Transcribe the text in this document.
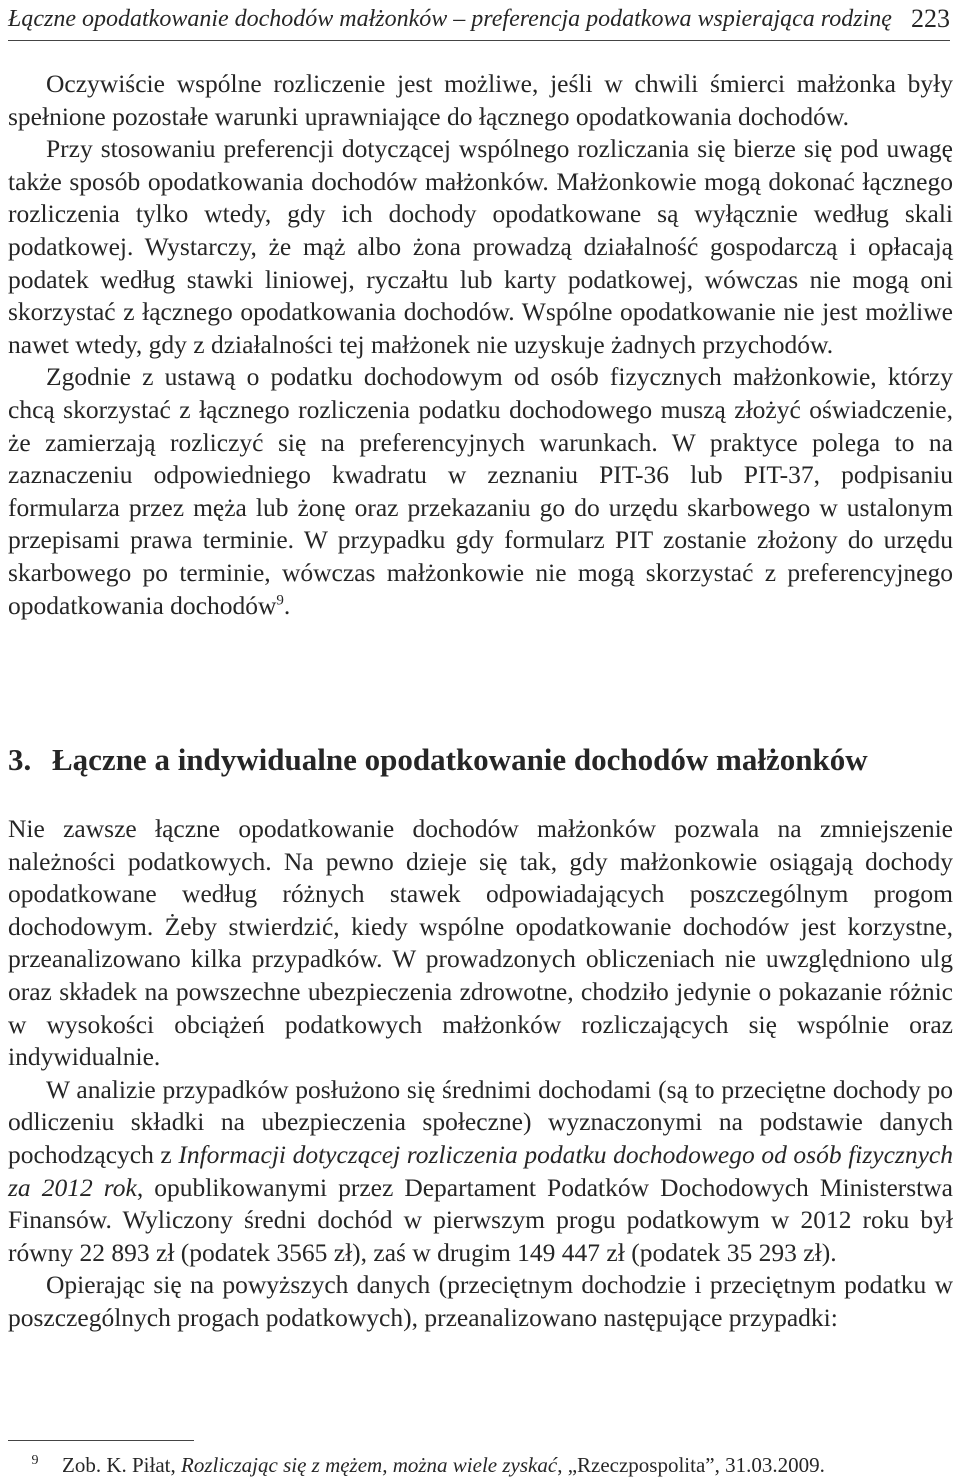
Łączne opodatkowanie dochodów małżonków – preferencja podatkowa wspierająca rodzinę 223

Oczywiście wspólne rozliczenie jest możliwe, jeśli w chwili śmierci małżonka były spełnione pozostałe warunki uprawniające do łącznego opodatkowania dochodów.

Przy stosowaniu preferencji dotyczącej wspólnego rozliczania się bierze się pod uwagę także sposób opodatkowania dochodów małżonków. Małżonkowie mogą dokonać łącznego rozliczenia tylko wtedy, gdy ich dochody opodatkowane są wyłącznie według skali podatkowej. Wystarczy, że mąż albo żona prowadzą działalność gospodarczą i opłacają podatek według stawki liniowej, ryczałtu lub karty podatkowej, wówczas nie mogą oni skorzystać z łącznego opodatkowania dochodów. Wspólne opodatkowanie nie jest możliwe nawet wtedy, gdy z działalności tej małżonek nie uzyskuje żadnych przychodów.

Zgodnie z ustawą o podatku dochodowym od osób fizycznych małżonkowie, którzy chcą skorzystać z łącznego rozliczenia podatku dochodowego muszą złożyć oświadczenie, że zamierzają rozliczyć się na preferencyjnych warunkach. W praktyce polega to na zaznaczeniu odpowiedniego kwadratu w zeznaniu PIT-36 lub PIT-37, podpisaniu formularza przez męża lub żonę oraz przekazaniu go do urzędu skarbowego w ustalonym przepisami prawa terminie. W przypadku gdy formularz PIT zostanie złożony do urzędu skarbowego po terminie, wówczas małżonkowie nie mogą skorzystać z preferencyjnego opodatkowania dochodów$^9$.

3. Łączne a indywidualne opodatkowanie dochodów małżonków

Nie zawsze łączne opodatkowanie dochodów małżonków pozwala na zmniejszenie należności podatkowych. Na pewno dzieje się tak, gdy małżonkowie osiągają dochody opodatkowane według różnych stawek odpowiadających poszczególnym progom dochodowym. Żeby stwierdzić, kiedy wspólne opodatkowanie dochodów jest korzystne, przeanalizowano kilka przypadków. W prowadzonych obliczeniach nie uwzględniono ulg oraz składek na powszechne ubezpieczenia zdrowotne, chodziło jedynie o pokazanie różnic w wysokości obciążeń podatkowych małżonków rozliczających się wspólnie oraz indywidualnie.

W analizie przypadków posłużono się średnimi dochodami (są to przeciętne dochody po odliczeniu składki na ubezpieczenia społeczne) wyznaczonymi na podstawie danych pochodzących z Informacji dotyczącej rozliczenia podatku dochodowego od osób fizycznych za 2012 rok, opublikowanymi przez Departament Podatków Dochodowych Ministerstwa Finansów. Wyliczony średni dochód w pierwszym progu podatkowym w 2012 roku był równy 22 893 zł (podatek 3565 zł), zaś w drugim 149 447 zł (podatek 35 293 zł).

Opierając się na powyższych danych (przeciętnym dochodzie i przeciętnym podatku w poszczególnych progach podatkowych), przeanalizowano następujące przypadki:

9 Zob. K. Piłat, Rozliczając się z mężem, można wiele zyskać, „Rzeczpospolita”, 31.03.2009.
